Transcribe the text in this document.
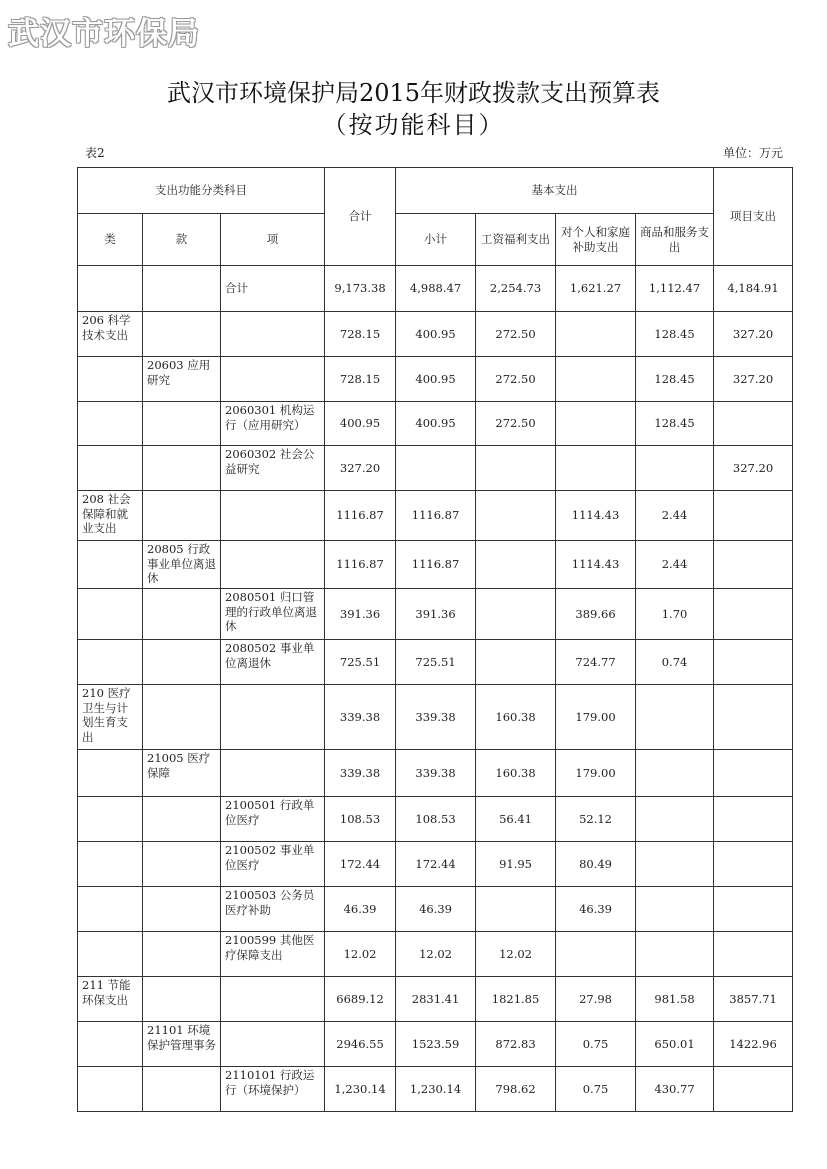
武汉市环保局
武汉市环境保护局2015年财政拨款支出预算表
（按功能科目）
表2	单位：万元
支出功能分类科目			合计	基本支出				项目支出
类	款	项		小计	工资福利支出	对个人和家庭补助支出	商品和服务支出	
		合计	9,173.38	4,988.47	2,254.73	1,621.27	1,112.47	4,184.91
206 科学技术支出			728.15	400.95	272.50		128.45	327.20
	20603 应用研究		728.15	400.95	272.50		128.45	327.20
		2060301 机构运行（应用研究）	400.95	400.95	272.50		128.45	
		2060302 社会公益研究	327.20					327.20
208 社会保障和就业支出			1116.87	1116.87		1114.43	2.44	
	20805 行政事业单位离退休		1116.87	1116.87		1114.43	2.44	
		2080501 归口管理的行政单位离退休	391.36	391.36		389.66	1.70	
		2080502 事业单位离退休	725.51	725.51		724.77	0.74	
210 医疗卫生与计划生育支出			339.38	339.38	160.38	179.00		
	21005 医疗保障		339.38	339.38	160.38	179.00		
		2100501 行政单位医疗	108.53	108.53	56.41	52.12		
		2100502 事业单位医疗	172.44	172.44	91.95	80.49		
		2100503 公务员医疗补助	46.39	46.39		46.39		
		2100599 其他医疗保障支出	12.02	12.02	12.02			
211 节能环保支出			6689.12	2831.41	1821.85	27.98	981.58	3857.71
	21101 环境保护管理事务		2946.55	1523.59	872.83	0.75	650.01	1422.96
		2110101 行政运行（环境保护）	1,230.14	1,230.14	798.62	0.75	430.77	
